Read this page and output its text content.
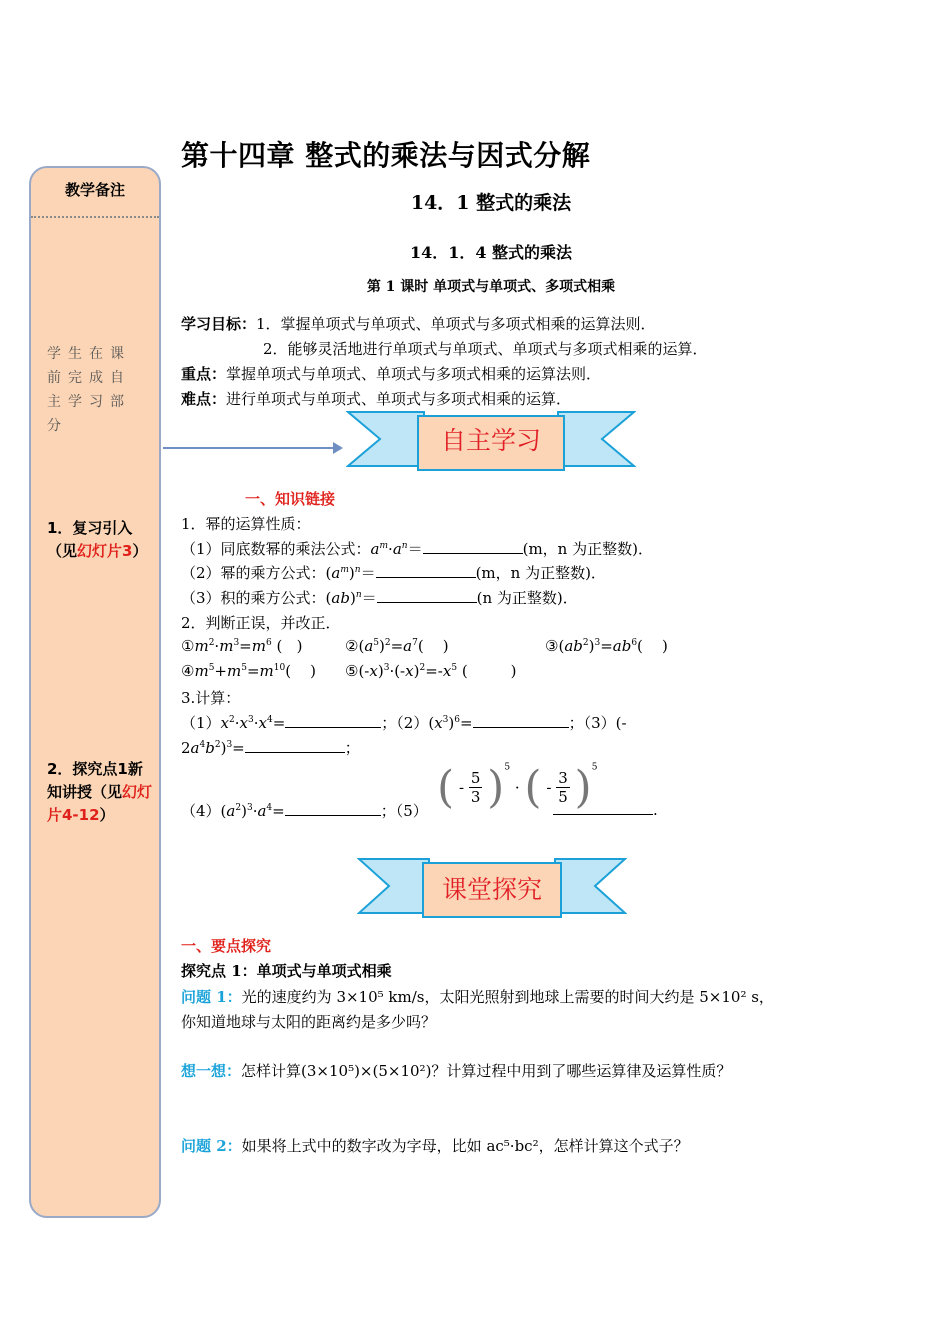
第十四章 整式的乘法与因式分解
教学备注
学生在课前完成自主学习部分
1．复习引入（见幻灯片3）
2．探究点1新知讲授（见幻灯片4-12）
14．1 整式的乘法
14．1．4 整式的乘法
第 1 课时 单项式与单项式、多项式相乘
学习目标：1．掌握单项式与单项式、单项式与多项式相乘的运算法则．
2．能够灵活地进行单项式与单项式、单项式与多项式相乘的运算．
重点：掌握单项式与单项式、单项式与多项式相乘的运算法则．
难点：进行单项式与单项式、单项式与多项式相乘的运算．
自主学习
一、知识链接
1．幂的运算性质：
（1）同底数幂的乘法公式：$a^m\cdot a^n=$	(m，n 为正整数)．
（2）幂的乘方公式：$(a^m)^n=$	(m，n 为正整数)．
（3）积的乘方公式：(ab)$^n$＝	(n 为正整数)．
2．判断正误，并改正．
$①m^2\cdot m^3=m^6$ (   )	$②(a^5)^2=a^7$(    )	$③(ab^2)^3=ab^6$(    )
$④m^5+m^5=m^{10}$(    ) $⑤(-x)^3\cdot(-x)^2=-x^5$ (         )
3.计算：
$(1)x^2\cdot x^3\cdot x^4=$	；$(2)(x^3)^6=$	；（3）(-
$2a^4b^2)^3=$	；
$(4)(a^2)^3\cdot a^4=$	；（5） ( - $\frac{5}{3} )^5$ · ( - $\frac{3}{5} )^5$
.
课堂探究
一、要点探究
探究点 1：单项式与单项式相乘
问题 1：光的速度约为 3×10⁵ km/s，太阳光照射到地球上需要的时间大约是 5×10² s，
你知道地球与太阳的距离约是多少吗？
想一想：怎样计算(3×10⁵)×(5×10²)？计算过程中用到了哪些运算律及运算性质？
问题 2：如果将上式中的数字改为字母，比如 ac⁵·bc²，怎样计算这个式子？
